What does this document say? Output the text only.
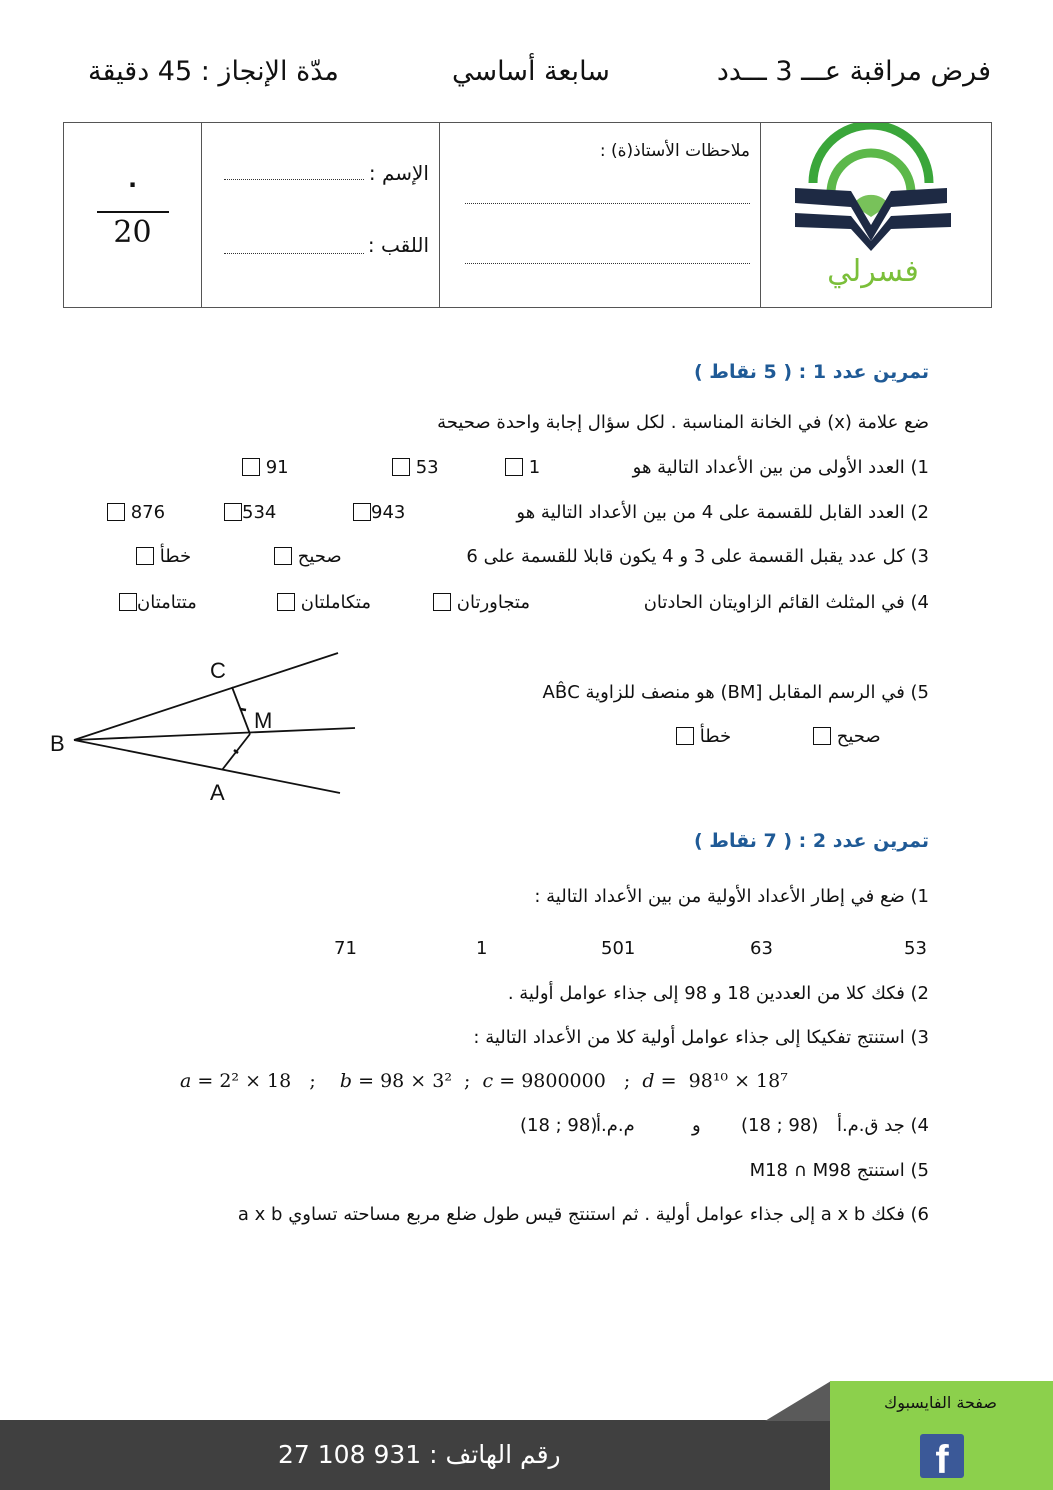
فرض مراقبة عـــ 3 ـــدد
سابعة أساسي
مدّة الإنجاز : 45 دقيقة
فسرلي
ملاحظات الأستاذ(ة) :
الإسم :
اللقب :
.
20
تمرين عدد 1 : ( 5 نقاط )
ضع علامة (x) في الخانة المناسبة . لكل سؤال إجابة واحدة صحيحة
1) العدد الأولى من بين الأعداد التالية هو
1
53
91
2) العدد القابل للقسمة على 4 من بين الأعداد التالية هو
943
534
876
3) كل عدد يقبل القسمة على 3 و 4 يكون قابلا للقسمة على 6
صحيح
خطأ
4) في المثلث القائم الزاويتان الحادتان
متجاورتان
متكاملتان
متتامتان
5) في الرسم المقابل [BM) هو منصف للزاوية AB̂C
صحيح
خطأ
B
C
M
A
تمرين عدد 2 : ( 7 نقاط )
1) ضع في إطار الأعداد الأولية من بين الأعداد التالية :
53
63
501
1
71
2) فكك كلا من العددين 18 و 98 إلى جذاء عوامل أولية .
3) استنتج تفكيكا إلى جذاء عوامل أولية كلا من الأعداد التالية :
a = 2² × 18   ;    b = 98 × 3²  ;  c = 9800000   ;  d =  98¹⁰ × 18⁷
4) جد ق.م.أ
(18 ; 98)
و
م.م.أ
(18 ; 98)
5) استنتج M18 ∩ M98
6) فكك a x b إلى جذاء عوامل أولية . ثم استنتج قيس طول ضلع مربع مساحته تساوي a x b
صفحة الفايسبوك
f
رقم الهاتف : 931 108 27
